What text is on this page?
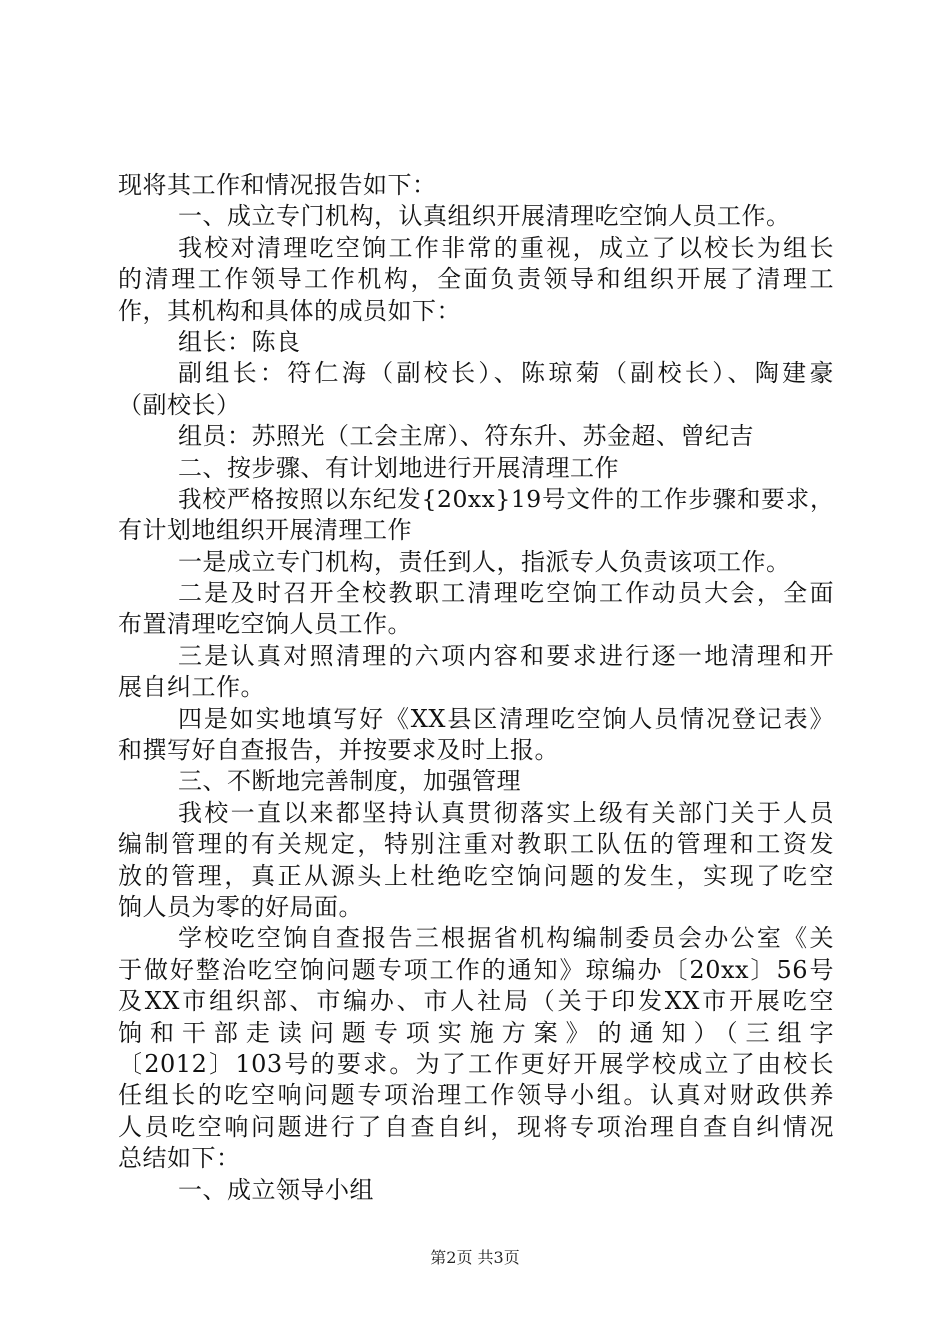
现将其工作和情况报告如下：
一、成立专门机构，认真组织开展清理吃空饷人员工作。
我校对清理吃空饷工作非常的重视，成立了以校长为组长
的清理工作领导工作机构，全面负责领导和组织开展了清理工
作，其机构和具体的成员如下：
组长：陈良
副组长：符仁海（副校长）、陈琼菊（副校长）、陶建豪
（副校长）
组员：苏照光（工会主席）、符东升、苏金超、曾纪吉
二、按步骤、有计划地进行开展清理工作
我校严格按照以东纪发{20xx}19号文件的工作步骤和要求，
有计划地组织开展清理工作
一是成立专门机构，责任到人，指派专人负责该项工作。
二是及时召开全校教职工清理吃空饷工作动员大会，全面
布置清理吃空饷人员工作。
三是认真对照清理的六项内容和要求进行逐一地清理和开
展自纠工作。
四是如实地填写好《XX县区清理吃空饷人员情况登记表》
和撰写好自查报告，并按要求及时上报。
三、不断地完善制度，加强管理
我校一直以来都坚持认真贯彻落实上级有关部门关于人员
编制管理的有关规定，特别注重对教职工队伍的管理和工资发
放的管理，真正从源头上杜绝吃空饷问题的发生，实现了吃空
饷人员为零的好局面。
学校吃空饷自查报告三根据省机构编制委员会办公室《关
于做好整治吃空饷问题专项工作的通知》琼编办〔20xx〕56号
及XX市组织部、市编办、市人社局（关于印发XX市开展吃空
饷和干部走读问题专项实施方案》的通知）（三组字
〔2012〕103号的要求。为了工作更好开展学校成立了由校长
任组长的吃空响问题专项治理工作领导小组。认真对财政供养
人员吃空响问题进行了自查自纠，现将专项治理自查自纠情况
总结如下：
一、成立领导小组
第2页 共3页
